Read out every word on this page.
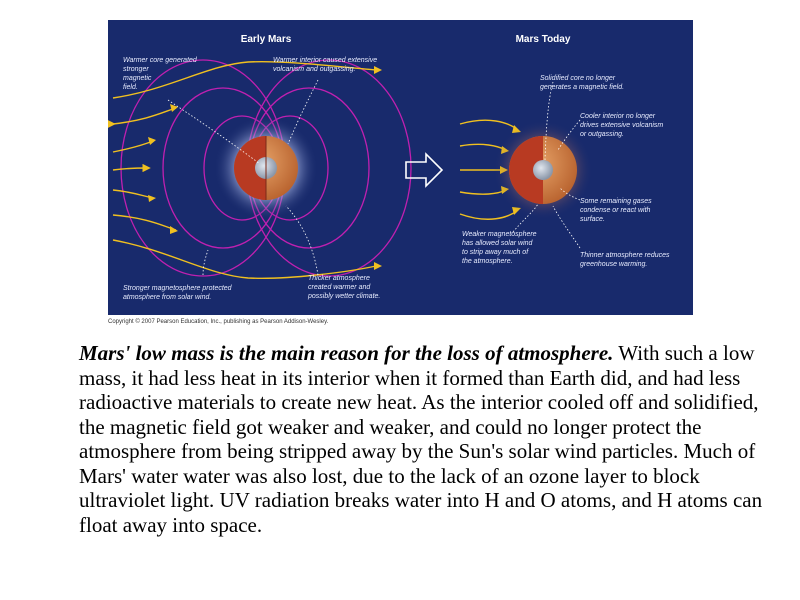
Early Mars	Mars Today
Warmer core generated stronger magnetic field.
Warmer interior caused extensive volcanism and outgassing.
Stronger magnetosphere protected atmosphere from solar wind.
Thicker atmosphere created warmer and possibly wetter climate.
Solidified core no longer generates a magnetic field.
Cooler interior no longer drives extensive volcanism or outgassing.
Some remaining gases condense or react with surface.
Weaker magnetosphere has allowed solar wind to strip away much of the atmosphere.
Thinner atmosphere reduces greenhouse warming.
Copyright © 2007 Pearson Education, Inc., publishing as Pearson Addison-Wesley.
Mars' low mass is the main reason for the loss of atmosphere. With such a low mass, it had less heat in its interior when it formed than Earth did, and had less radioactive materials to create new heat. As the interior cooled off and solidified, the magnetic field got weaker and weaker, and could no longer protect the atmosphere from being stripped away by the Sun's solar wind particles. Much of Mars' water water was also lost, due to the lack of an ozone layer to block ultraviolet light. UV radiation breaks water into H and O atoms, and H atoms can float away into space.
